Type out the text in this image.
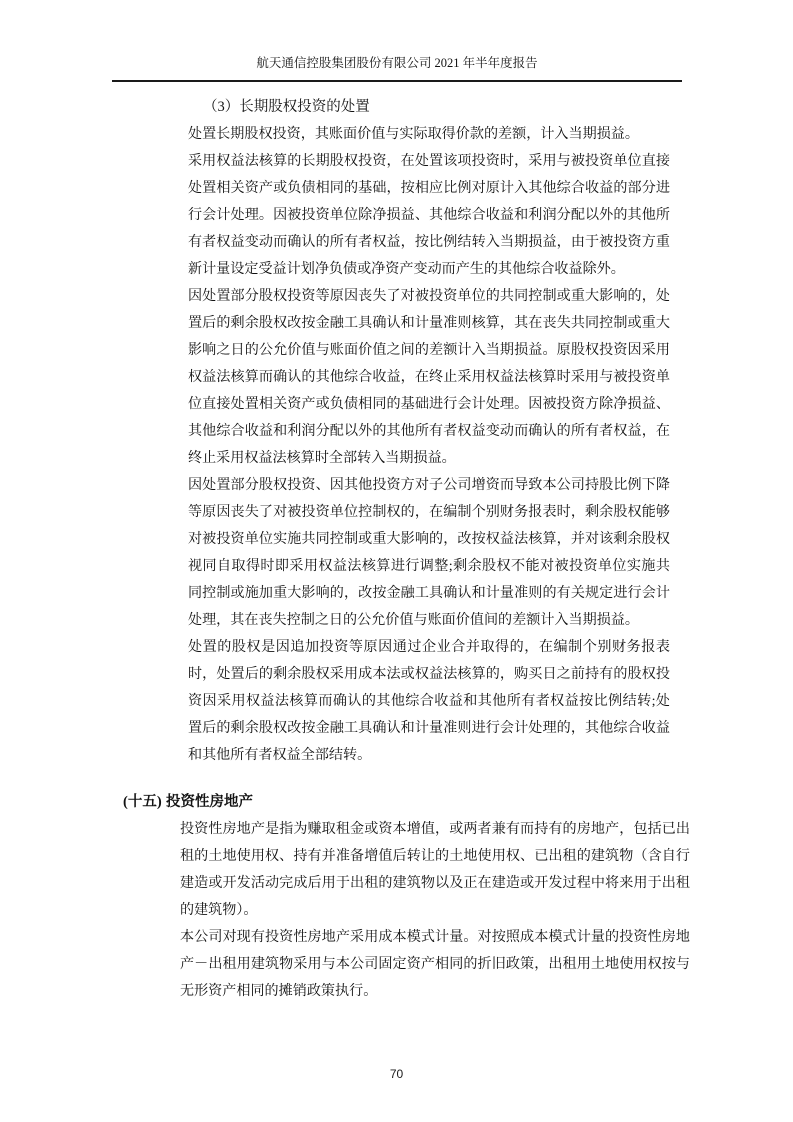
航天通信控股集团股份有限公司 2021 年半年度报告
（3）长期股权投资的处置
处置长期股权投资，其账面价值与实际取得价款的差额，计入当期损益。
采用权益法核算的长期股权投资，在处置该项投资时，采用与被投资单位直接
处置相关资产或负债相同的基础，按相应比例对原计入其他综合收益的部分进
行会计处理。因被投资单位除净损益、其他综合收益和利润分配以外的其他所
有者权益变动而确认的所有者权益，按比例结转入当期损益，由于被投资方重
新计量设定受益计划净负债或净资产变动而产生的其他综合收益除外。
因处置部分股权投资等原因丧失了对被投资单位的共同控制或重大影响的，处
置后的剩余股权改按金融工具确认和计量准则核算，其在丧失共同控制或重大
影响之日的公允价值与账面价值之间的差额计入当期损益。原股权投资因采用
权益法核算而确认的其他综合收益，在终止采用权益法核算时采用与被投资单
位直接处置相关资产或负债相同的基础进行会计处理。因被投资方除净损益、
其他综合收益和利润分配以外的其他所有者权益变动而确认的所有者权益，在
终止采用权益法核算时全部转入当期损益。
因处置部分股权投资、因其他投资方对子公司增资而导致本公司持股比例下降
等原因丧失了对被投资单位控制权的，在编制个别财务报表时，剩余股权能够
对被投资单位实施共同控制或重大影响的，改按权益法核算，并对该剩余股权
视同自取得时即采用权益法核算进行调整;剩余股权不能对被投资单位实施共
同控制或施加重大影响的，改按金融工具确认和计量准则的有关规定进行会计
处理，其在丧失控制之日的公允价值与账面价值间的差额计入当期损益。
处置的股权是因追加投资等原因通过企业合并取得的，在编制个别财务报表
时，处置后的剩余股权采用成本法或权益法核算的，购买日之前持有的股权投
资因采用权益法核算而确认的其他综合收益和其他所有者权益按比例结转;处
置后的剩余股权改按金融工具确认和计量准则进行会计处理的，其他综合收益
和其他所有者权益全部结转。
(十五) 投资性房地产
投资性房地产是指为赚取租金或资本增值，或两者兼有而持有的房地产，包括已出
租的土地使用权、持有并准备增值后转让的土地使用权、已出租的建筑物（含自行
建造或开发活动完成后用于出租的建筑物以及正在建造或开发过程中将来用于出租
的建筑物）。
本公司对现有投资性房地产采用成本模式计量。对按照成本模式计量的投资性房地
产－出租用建筑物采用与本公司固定资产相同的折旧政策，出租用土地使用权按与
无形资产相同的摊销政策执行。
70
